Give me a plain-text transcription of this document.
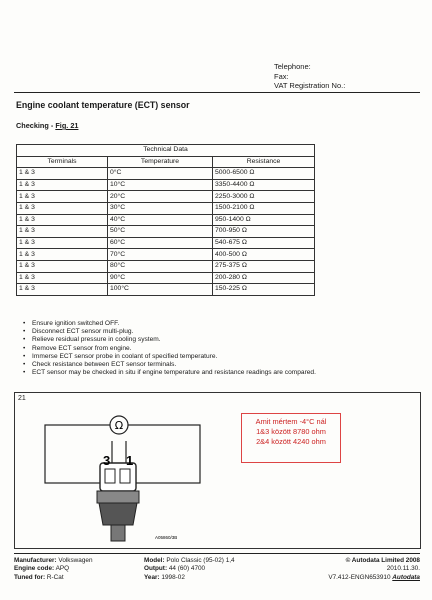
Telephone:
Fax:
VAT Registration No.:
Engine coolant temperature (ECT) sensor
Checking - Fig. 21
Technical Data		
Terminals	Temperature	Resistance
1 & 3	0°C	5000-6500 Ω
1 & 3	10°C	3350-4400 Ω
1 & 3	20°C	2250-3000 Ω
1 & 3	30°C	1500-2100 Ω
1 & 3	40°C	950-1400 Ω
1 & 3	50°C	700-950 Ω
1 & 3	60°C	540-675 Ω
1 & 3	70°C	400-500 Ω
1 & 3	80°C	275-375 Ω
1 & 3	90°C	200-280 Ω
1 & 3	100°C	150-225 Ω
• Ensure ignition switched OFF.
• Disconnect ECT sensor multi-plug.
• Relieve residual pressure in cooling system.
• Remove ECT sensor from engine.
• Immerse ECT sensor probe in coolant of specified temperature.
• Check resistance between ECT sensor terminals.
• ECT sensor may be checked in situ if engine temperature and resistance readings are compared.
21
Ω
3 1
A05860/3B
Amit mértem -4°C nál
1&3 között 8780 ohm
2&4 között 4240 ohm
Manufacturer: Volkswagen
Engine code: APQ
Tuned for: R-Cat
Model: Polo Classic (95-02) 1,4
Output: 44 (60) 4700
Year: 1998-02
© Autodata Limited 2008
2010.11.30.
V7.412-ENGN653910 Autodata
